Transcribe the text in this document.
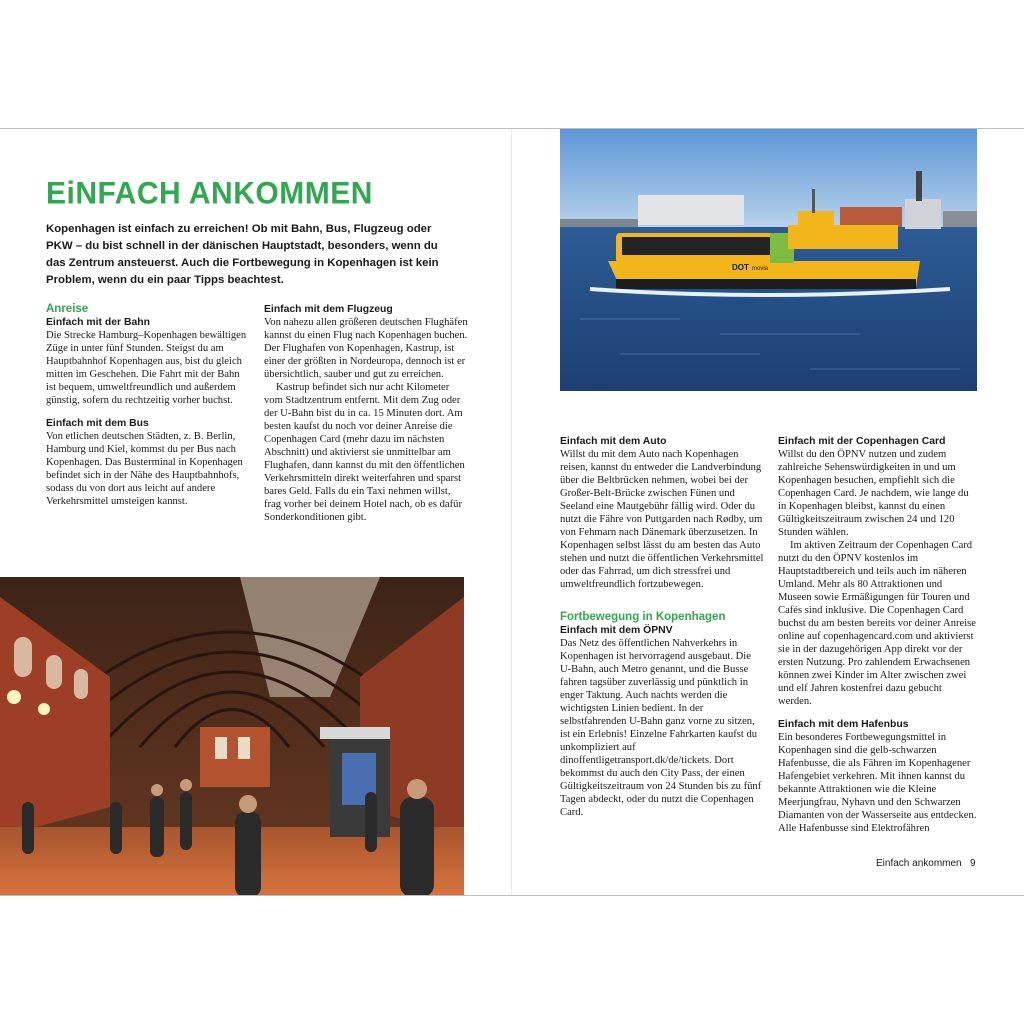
EiNFACH ANKOMMEN

Kopenhagen ist einfach zu erreichen! Ob mit Bahn, Bus, Flugzeug oder PKW – du bist schnell in der dänischen Hauptstadt, besonders, wenn du das Zentrum ansteuerst. Auch die Fortbewegung in Kopenhagen ist kein Problem, wenn du ein paar Tipps beachtest.

Anreise

Einfach mit der Bahn

Die Strecke Hamburg–Kopenhagen bewältigen Züge in unter fünf Stunden. Steigst du am Hauptbahnhof Kopenhagen aus, bist du gleich mitten im Geschehen. Die Fahrt mit der Bahn ist bequem, umweltfreundlich und außerdem günstig, sofern du rechtzeitig vorher buchst.

Einfach mit dem Bus

Von etlichen deutschen Städten, z. B. Berlin, Hamburg und Kiel, kommst du per Bus nach Kopenhagen. Das Busterminal in Kopenhagen befindet sich in der Nähe des Hauptbahnhofs, sodass du von dort aus leicht auf andere Verkehrsmittel umsteigen kannst.

Einfach mit dem Flugzeug

Von nahezu allen größeren deutschen Flughäfen kannst du einen Flug nach Kopenhagen buchen. Der Flughafen von Kopenhagen, Kastrup, ist einer der größten in Nordeuropa, dennoch ist er übersichtlich, sauber und gut zu erreichen.

Kastrup befindet sich nur acht Kilometer vom Stadtzentrum entfernt. Mit dem Zug oder der U-Bahn bist du in ca. 15 Minuten dort. Am besten kaufst du noch vor deiner Anreise die Copenhagen Card (mehr dazu im nächsten Abschnitt) und aktivierst sie unmittelbar am Flughafen, dann kannst du mit den öffentlichen Verkehrsmitteln direkt weiterfahren und sparst bares Geld. Falls du ein Taxi nehmen willst, frag vorher bei deinem Hotel nach, ob es dafür Sonderkonditionen gibt.

DOT movia

Einfach mit dem Auto

Willst du mit dem Auto nach Kopenhagen reisen, kannst du entweder die Landverbindung über die Beltbrücken nehmen, wobei bei der Großer-Belt-Brücke zwischen Fünen und Seeland eine Mautgebühr fällig wird. Oder du nutzt die Fähre von Puttgarden nach Rødby, um von Fehmarn nach Dänemark überzusetzen. In Kopenhagen selbst lässt du am besten das Auto stehen und nutzt die öffentlichen Verkehrsmittel oder das Fahrrad, um dich stressfrei und umweltfreundlich fortzubewegen.

Fortbewegung in Kopenhagen

Einfach mit dem ÖPNV

Das Netz des öffentlichen Nahverkehrs in Kopenhagen ist hervorragend ausgebaut. Die U-Bahn, auch Metro genannt, und die Busse fahren tagsüber zuverlässig und pünktlich in enger Taktung. Auch nachts werden die wichtigsten Linien bedient. In der selbstfahrenden U-Bahn ganz vorne zu sitzen, ist ein Erlebnis! Einzelne Fahrkarten kaufst du unkompliziert auf dinoffentligetransport.dk/de/tickets. Dort bekommst du auch den City Pass, der einen Gültigkeitszeitraum von 24 Stunden bis zu fünf Tagen abdeckt, oder du nutzt die Copenhagen Card.

Einfach mit der Copenhagen Card

Willst du den ÖPNV nutzen und zudem zahlreiche Sehenswürdigkeiten in und um Kopenhagen besuchen, empfiehlt sich die Copenhagen Card. Je nachdem, wie lange du in Kopenhagen bleibst, kannst du einen Gültigkeitszeitraum zwischen 24 und 120 Stunden wählen.

Im aktiven Zeitraum der Copenhagen Card nutzt du den ÖPNV kostenlos im Hauptstadtbereich und teils auch im näheren Umland. Mehr als 80 Attraktionen und Museen sowie Ermäßigungen für Touren und Cafés sind inklusive. Die Copenhagen Card buchst du am besten bereits vor deiner Anreise online auf copenhagencard.com und aktivierst sie in der dazugehörigen App direkt vor der ersten Nutzung. Pro zahlendem Erwachsenen können zwei Kinder im Alter zwischen zwei und elf Jahren kostenfrei dazu gebucht werden.

Einfach mit dem Hafenbus

Ein besonderes Fortbewegungsmittel in Kopenhagen sind die gelb-schwarzen Hafenbusse, die als Fähren im Kopenhagener Hafengebiet verkehren. Mit ihnen kannst du bekannte Attraktionen wie die Kleine Meerjungfrau, Nyhavn und den Schwarzen Diamanten von der Wasserseite aus entdecken. Alle Hafenbusse sind Elektrofähren

Einfach ankommen 9
